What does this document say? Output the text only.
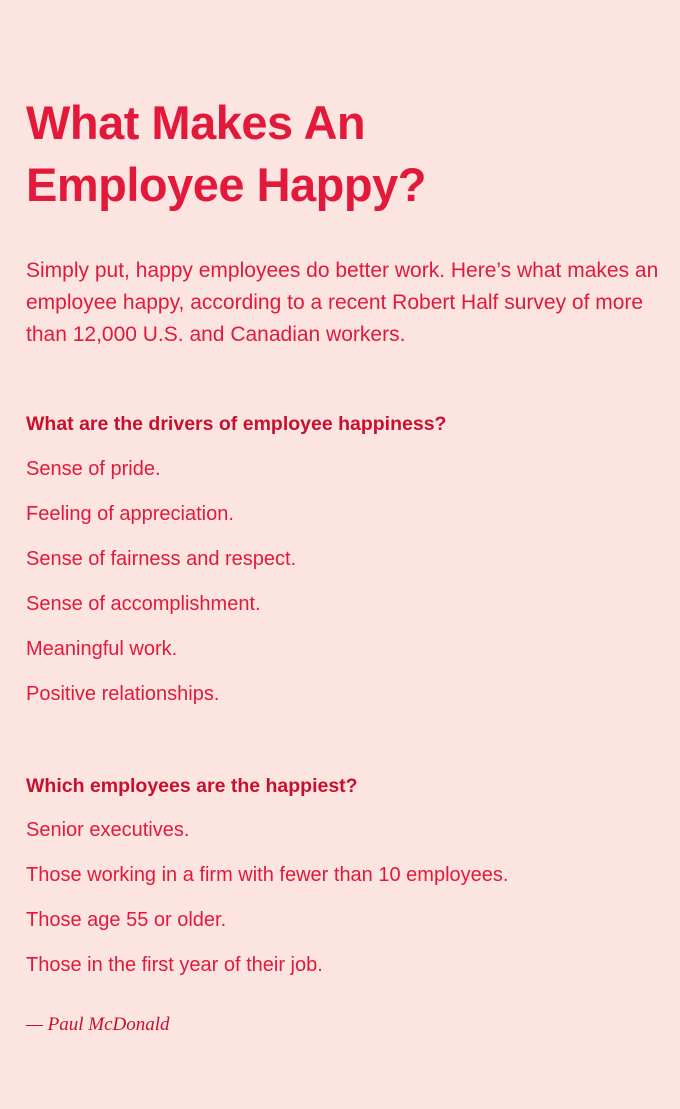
What Makes An
Employee Happy?

Simply put, happy employees do better work. Here’s what makes an employee happy, according to a recent Robert Half survey of more than 12,000 U.S. and Canadian workers.

What are the drivers of employee happiness?
Sense of pride.
Feeling of appreciation.
Sense of fairness and respect.
Sense of accomplishment.
Meaningful work.
Positive relationships.
Which employees are the happiest?
Senior executives.
Those working in a firm with fewer than 10 employees.
Those age 55 or older.
Those in the first year of their job.

— Paul McDonald
